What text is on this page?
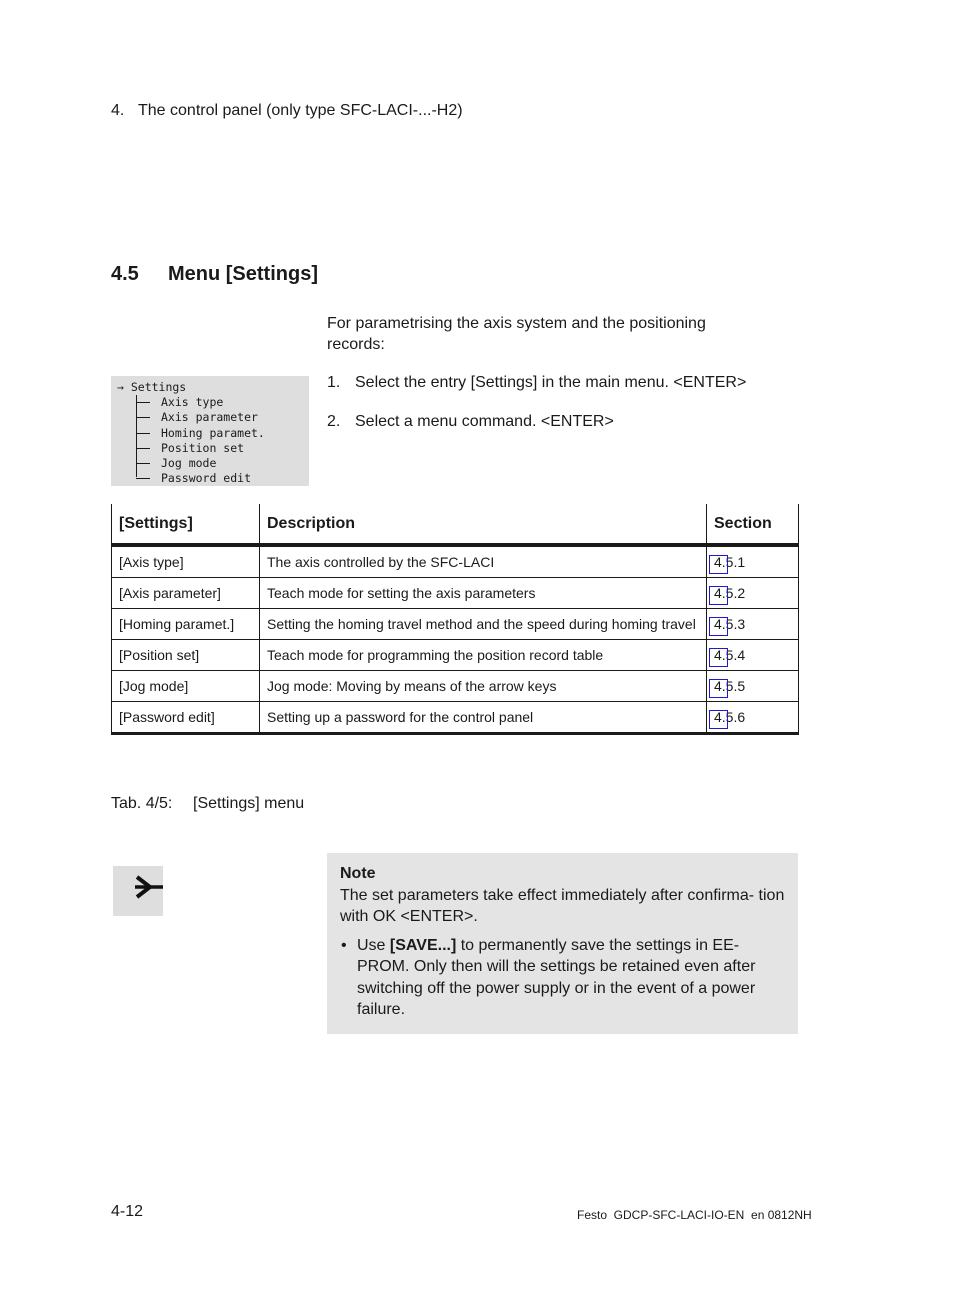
4. The control panel (only type SFC-LACI-...-H2)
4.5 Menu [Settings]
For parametrising the axis system and the positioning records:
1. Select the entry [Settings] in the main menu. <ENTER>
2. Select a menu command. <ENTER>
→ Settings
Axis type
Axis parameter
Homing paramet.
Position set
Jog mode
Password edit
[Settings]	Description	Section
[Axis type]	The axis controlled by the SFC-LACI	4.5.1
[Axis parameter]	Teach mode for setting the axis parameters	4.5.2
[Homing paramet.]	Setting the homing travel method and the speed during homing travel	4.5.3
[Position set]	Teach mode for programming the position record table	4.5.4
[Jog mode]	Jog mode: Moving by means of the arrow keys	4.5.5
[Password edit]	Setting up a password for the control panel	4.5.6
Tab. 4/5: [Settings] menu
Note
The set parameters take effect immediately after confirma- tion with OK <ENTER>.
• Use [SAVE...] to permanently save the settings in EE- PROM. Only then will the settings be retained even after switching off the power supply or in the event of a power failure.
4-12	Festo  GDCP-SFC-LACI-IO-EN  en 0812NH
